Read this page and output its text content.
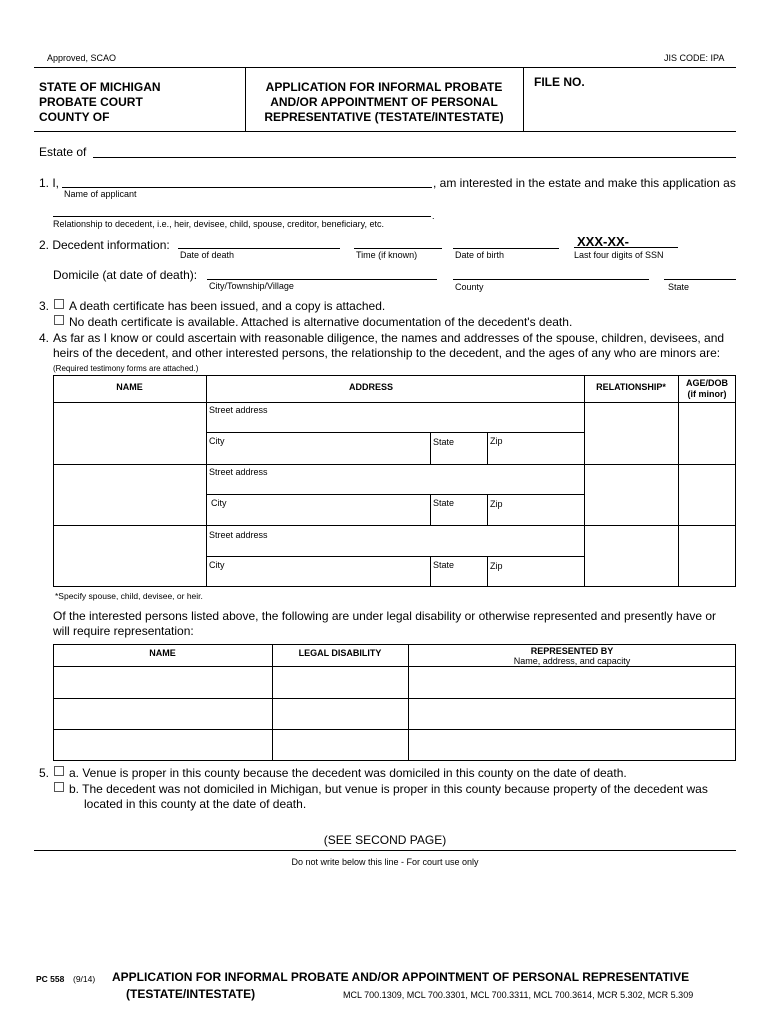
Approved, SCAO	JIS CODE: IPA
STATE OF MICHIGAN
PROBATE COURT
COUNTY OF
APPLICATION FOR INFORMAL PROBATE
AND/OR APPOINTMENT OF PERSONAL
REPRESENTATIVE (TESTATE/INTESTATE)
FILE NO.
Estate of
1. I,	, am interested in the estate and make this application as
Name of applicant
.
Relationship to decedent, i.e., heir, devisee, child, spouse, creditor, beneficiary, etc.
2. Decedent information:
Date of death	Time (if known)	Date of birth
XXX-XX-
Last four digits of SSN
Domicile (at date of death):
City/Township/Village	County	State
3. A death certificate has been issued, and a copy is attached.
No death certificate is available. Attached is alternative documentation of the decedent's death.
4. As far as I know or could ascertain with reasonable diligence, the names and addresses of the spouse, children, devisees, and
heirs of the decedent, and other interested persons, the relationship to the decedent, and the ages of any who are minors are:
(Required testimony forms are attached.)
NAME	ADDRESS	RELATIONSHIP*	AGE/DOB
(if minor)
Street address
City	State	Zip
Street address
City	State	Zip
Street address
City	State	Zip
*Specify spouse, child, devisee, or heir.
Of the interested persons listed above, the following are under legal disability or otherwise represented and presently have or
will require representation:
NAME	LEGAL DISABILITY	REPRESENTED BY
Name, address, and capacity
5. a. Venue is proper in this county because the decedent was domiciled in this county on the date of death.
b. The decedent was not domiciled in Michigan, but venue is proper in this county because property of the decedent was
located in this county at the date of death.
(SEE SECOND PAGE)
Do not write below this line - For court use only
PC 558 (9/14) APPLICATION FOR INFORMAL PROBATE AND/OR APPOINTMENT OF PERSONAL REPRESENTATIVE
(TESTATE/INTESTATE)	MCL 700.1309, MCL 700.3301, MCL 700.3311, MCL 700.3614, MCR 5.302, MCR 5.309
